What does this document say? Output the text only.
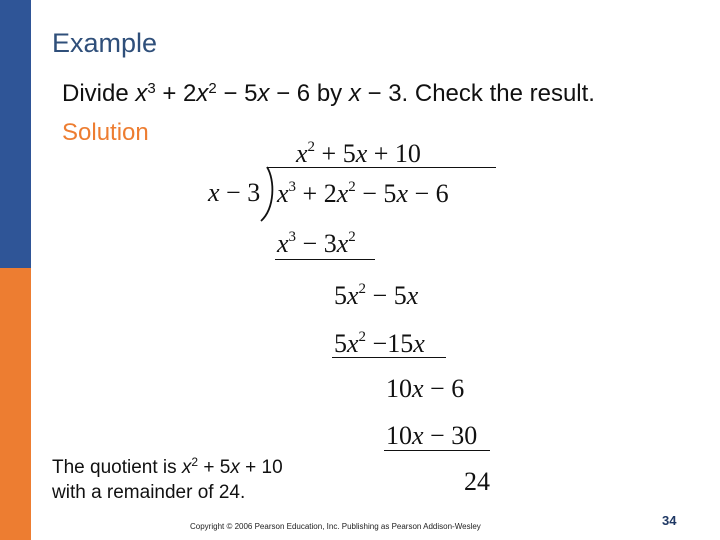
Example
Divide $x^3 + 2x^2 - 5x - 6$ by x − 3. Check the result.
Solution
$x^2 + 5x + 10$
x − 3 $x^3 + 2x^2 - 5x - 6$
$x^3 - 3x^2$
$5x^2 - 5x$
$5x^2 -15x$
10x − 6
10x − 30
24
The quotient is $x^2 + 5x + 10$
with a remainder of 24.
Copyright © 2006 Pearson Education, Inc. Publishing as Pearson Addison-Wesley	34
